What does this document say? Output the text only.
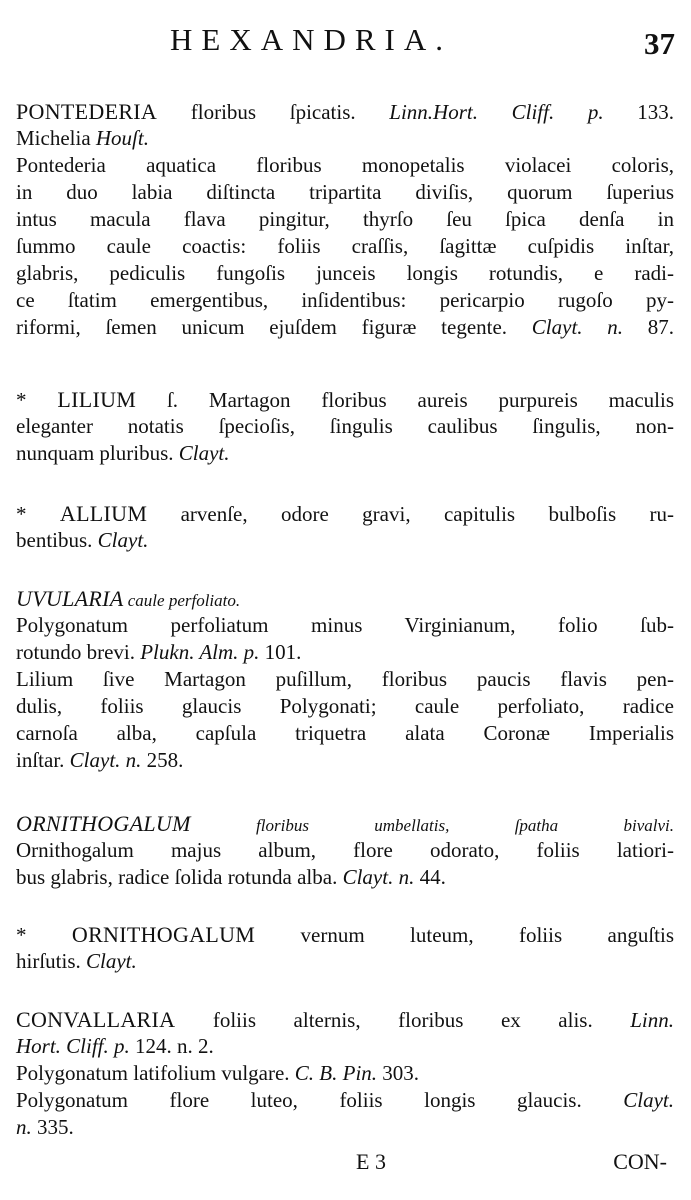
HEXANDRIA.	37
PONTEDERIA floribus ſpicatis. Linn.Hort. Cliff. p. 133.
Michelia Houſt.
Pontederia aquatica floribus monopetalis violacei coloris,
in duo labia diſtincta tripartita diviſis, quorum ſuperius
intus macula flava pingitur, thyrſo ſeu ſpica denſa in
ſummo caule coactis: foliis craſſis, ſagittæ cuſpidis inſtar,
glabris, pediculis fungoſis junceis longis rotundis, e radi-
ce ſtatim emergentibus, inſidentibus: pericarpio rugoſo py-
riformi, ſemen unicum ejuſdem figuræ tegente. Clayt. n. 87.
* LILIUM ſ. Martagon floribus aureis purpureis maculis
eleganter notatis ſpecioſis, ſingulis caulibus ſingulis, non-
nunquam pluribus. Clayt.
* ALLIUM arvenſe, odore gravi, capitulis bulboſis ru-
bentibus. Clayt.
UVULARIA caule perfoliato.
Polygonatum perfoliatum minus Virginianum, folio ſub-
rotundo brevi. Plukn. Alm. p. 101.
Lilium ſive Martagon puſillum, floribus paucis flavis pen-
dulis, foliis glaucis Polygonati; caule perfoliato, radice
carnoſa alba, capſula triquetra alata Coronæ Imperialis
inſtar. Clayt. n. 258.
ORNITHOGALUM floribus umbellatis, ſpatha bivalvi.
Ornithogalum majus album, flore odorato, foliis latiori-
bus glabris, radice ſolida rotunda alba. Clayt. n. 44.
* ORNITHOGALUM vernum luteum, foliis anguſtis
hirſutis. Clayt.
CONVALLARIA foliis alternis, floribus ex alis. Linn.
Hort. Cliff. p. 124. n. 2.
Polygonatum latifolium vulgare. C. B. Pin. 303.
Polygonatum flore luteo, foliis longis glaucis. Clayt.
n. 335.
E 3	CON-
